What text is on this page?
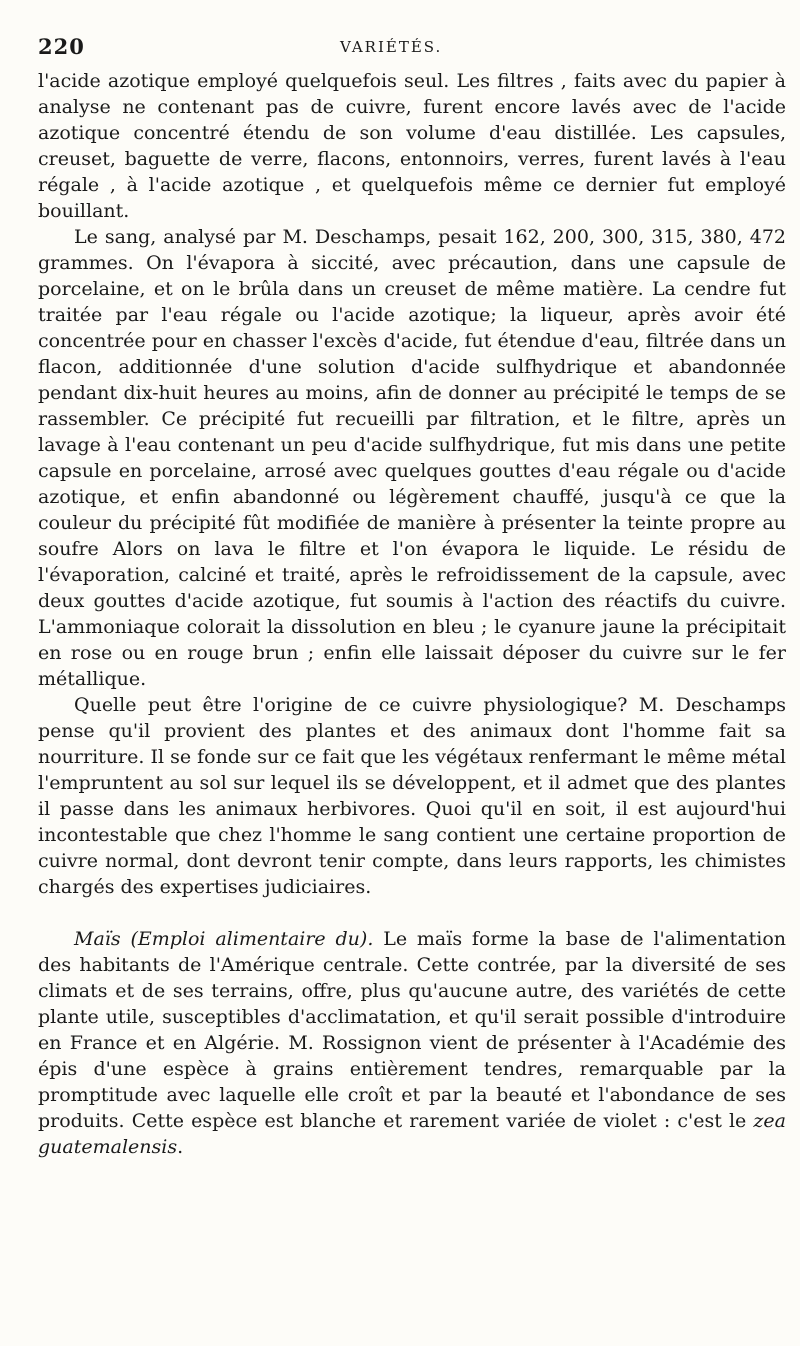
220	VARIÉTÉS.

l'acide azotique employé quelquefois seul. Les filtres , faits avec du papier à analyse ne contenant pas de cuivre, furent encore lavés avec de l'acide azotique concentré étendu de son volume d'eau distillée. Les capsules, creuset, baguette de verre, flacons, entonnoirs, verres, furent lavés à l'eau régale , à l'acide azotique , et quelquefois même ce dernier fut employé bouillant.

Le sang, analysé par M. Deschamps, pesait 162, 200, 300, 315, 380, 472 grammes. On l'évapora à siccité, avec précaution, dans une capsule de porcelaine, et on le brûla dans un creuset de même matière. La cendre fut traitée par l'eau régale ou l'acide azotique; la liqueur, après avoir été concentrée pour en chasser l'excès d'acide, fut étendue d'eau, filtrée dans un flacon, additionnée d'une solution d'acide sulfhydrique et abandonnée pendant dix-huit heures au moins, afin de donner au précipité le temps de se rassembler. Ce précipité fut recueilli par filtration, et le filtre, après un lavage à l'eau contenant un peu d'acide sulfhydrique, fut mis dans une petite capsule en porcelaine, arrosé avec quelques gouttes d'eau régale ou d'acide azotique, et enfin abandonné ou légèrement chauffé, jusqu'à ce que la couleur du précipité fût modifiée de manière à présenter la teinte propre au soufre Alors on lava le filtre et l'on évapora le liquide. Le résidu de l'évaporation, calciné et traité, après le refroidissement de la capsule, avec deux gouttes d'acide azotique, fut soumis à l'action des réactifs du cuivre. L'ammoniaque colorait la dissolution en bleu ; le cyanure jaune la précipitait en rose ou en rouge brun ; enfin elle laissait déposer du cuivre sur le fer métallique.

Quelle peut être l'origine de ce cuivre physiologique? M. Deschamps pense qu'il provient des plantes et des animaux dont l'homme fait sa nourriture. Il se fonde sur ce fait que les végétaux renfermant le même métal l'empruntent au sol sur lequel ils se développent, et il admet que des plantes il passe dans les animaux herbivores. Quoi qu'il en soit, il est aujourd'hui incontestable que chez l'homme le sang contient une certaine proportion de cuivre normal, dont devront tenir compte, dans leurs rapports, les chimistes chargés des expertises judiciaires.

Maïs (Emploi alimentaire du). Le maïs forme la base de l'alimentation des habitants de l'Amérique centrale. Cette contrée, par la diversité de ses climats et de ses terrains, offre, plus qu'aucune autre, des variétés de cette plante utile, susceptibles d'acclimatation, et qu'il serait possible d'introduire en France et en Algérie. M. Rossignon vient de présenter à l'Académie des épis d'une espèce à grains entièrement tendres, remarquable par la promptitude avec laquelle elle croît et par la beauté et l'abondance de ses produits. Cette espèce est blanche et rarement variée de violet : c'est le zea guatemalensis.
